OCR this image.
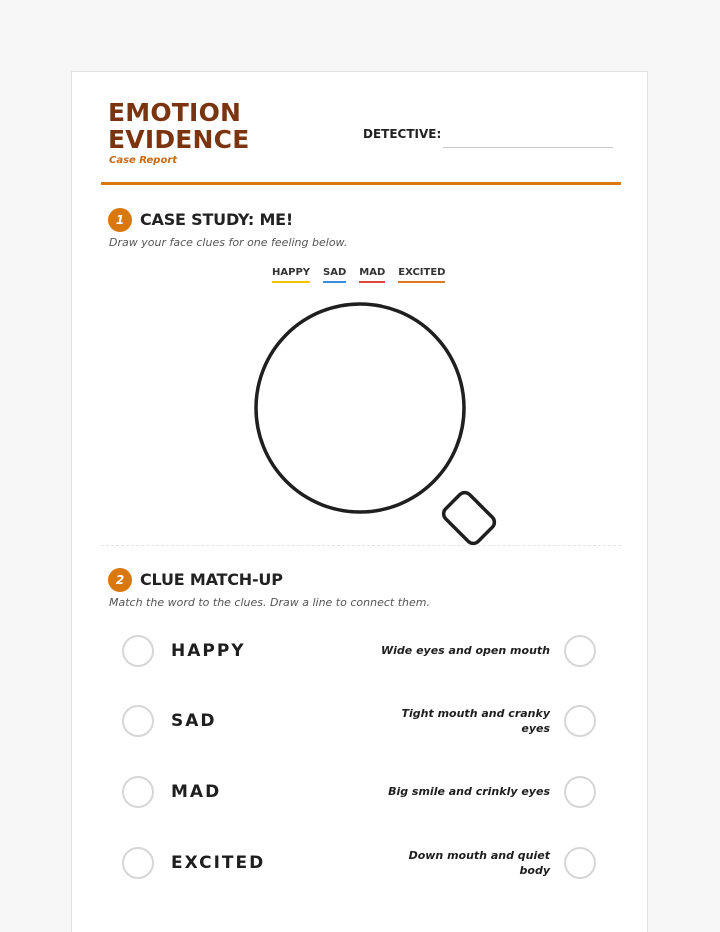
EMOTION
EVIDENCE
Case Report
DETECTIVE:
1 CASE STUDY: ME!
Draw your face clues for one feeling below.
HAPPY SAD MAD EXCITED
2 CLUE MATCH-UP
Match the word to the clues. Draw a line to connect them.
HAPPY	Wide eyes and open mouth
SAD	Tight mouth and cranky
eyes
MAD	Big smile and crinkly eyes
EXCITED	Down mouth and quiet
body
